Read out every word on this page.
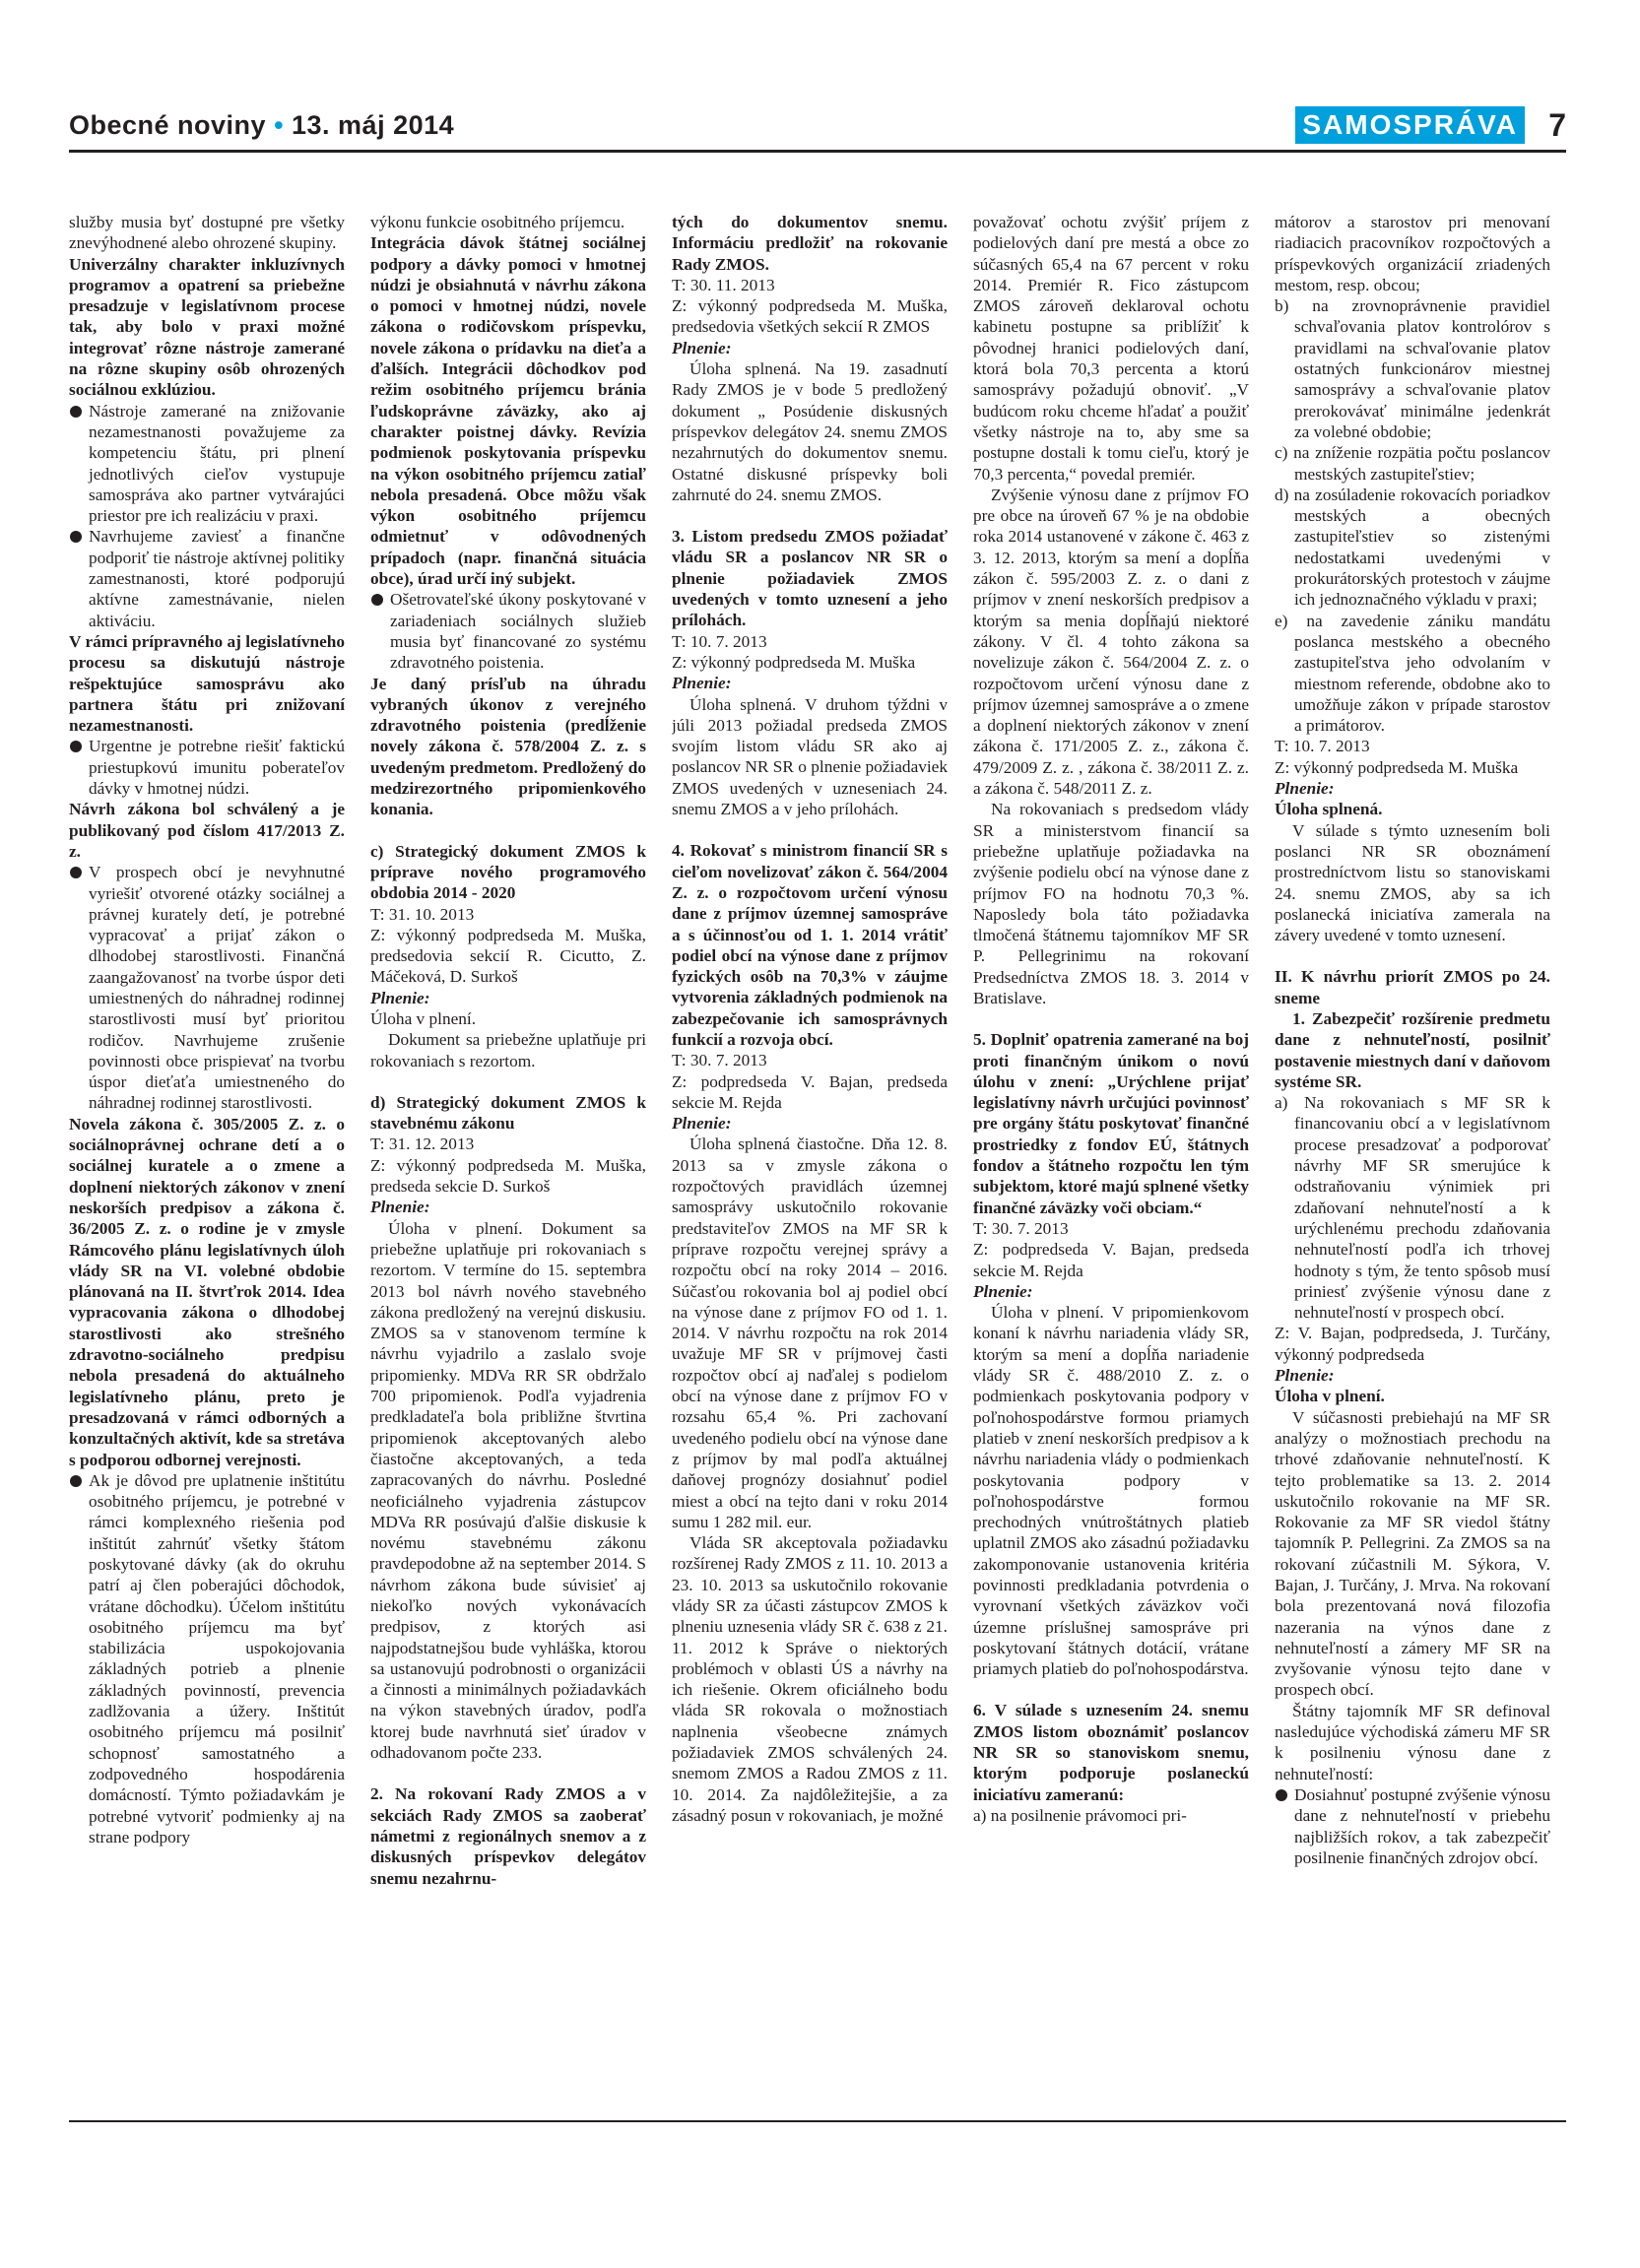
Obecné noviny • 13. máj 2014	SAMOSPRÁVA 7

služby musia byť dostupné pre všetky znevýhodnené alebo ohrozené skupiny.

Univerzálny charakter inkluzívnych programov a opatrení sa priebežne presadzuje v legislatívnom procese tak, aby bolo v praxi možné integrovať rôzne nástroje zamerané na rôzne skupiny osôb ohrozených sociálnou exklúziou.

Nástroje zamerané na znižovanie nezamestnanosti považujeme za kompetenciu štátu, pri plnení jednotlivých cieľov vystupuje samospráva ako partner vytvárajúci priestor pre ich realizáciu v praxi.

Navrhujeme zaviesť a finančne podporiť tie nástroje aktívnej politiky zamestnanosti, ktoré podporujú aktívne zamestnávanie, nielen aktiváciu.

V rámci prípravného aj legislatívneho procesu sa diskutujú nástroje rešpektujúce samosprávu ako partnera štátu pri znižovaní nezamestnanosti.

Urgentne je potrebne riešiť faktickú priestupkovú imunitu poberateľov dávky v hmotnej núdzi.

Návrh zákona bol schválený a je publikovaný pod číslom 417/2013 Z. z.

V prospech obcí je nevyhnutné vyriešiť otvorené otázky sociálnej a právnej kurately detí, je potrebné vypracovať a prijať zákon o dlhodobej starostlivosti. Finančná zaangažovanosť na tvorbe úspor deti umiestnených do náhradnej rodinnej starostlivosti musí byť prioritou rodičov. Navrhujeme zrušenie povinnosti obce prispievať na tvorbu úspor dieťaťa umiestneného do náhradnej rodinnej starostlivosti.

Novela zákona č. 305/2005 Z. z. o sociálnoprávnej ochrane detí a o sociálnej kuratele a o zmene a doplnení niektorých zákonov v znení neskorších predpisov a zákona č. 36/2005 Z. z. o rodine je v zmysle Rámcového plánu legislatívnych úloh vlády SR na VI. volebné obdobie plánovaná na II. štvrťrok 2014. Idea vypracovania zákona o dlhodobej starostlivosti ako strešného zdravotno-sociálneho predpisu nebola presadená do aktuálneho legislatívneho plánu, preto je presadzovaná v rámci odborných a konzultačných aktivít, kde sa stretáva s podporou odbornej verejnosti.

Ak je dôvod pre uplatnenie inštitútu osobitného príjemcu, je potrebné v rámci komplexného riešenia pod inštitút zahrnúť všetky štátom poskytované dávky (ak do okruhu patrí aj člen poberajúci dôchodok, vrátane dôchodku). Účelom inštitútu osobitného príjemcu ma byť stabilizácia uspokojovania základných potrieb a plnenie základných povinností, prevencia zadlžovania a úžery. Inštitút osobitného príjemcu má posilniť schopnosť samostatného a zodpovedného hospodárenia domácností. Týmto požiadavkám je potrebné vytvoriť podmienky aj na strane podpory

výkonu funkcie osobitného príjemcu.

Integrácia dávok štátnej sociálnej podpory a dávky pomoci v hmotnej núdzi je obsiahnutá v návrhu zákona o pomoci v hmotnej núdzi, novele zákona o rodičovskom príspevku, novele zákona o prídavku na dieťa a ďalších. Integrácii dôchodkov pod režim osobitného príjemcu bránia ľudskoprávne záväzky, ako aj charakter poistnej dávky. Revízia podmienok poskytovania príspevku na výkon osobitného príjemcu zatiaľ nebola presadená. Obce môžu však výkon osobitného príjemcu odmietnuť v odôvodnených prípadoch (napr. finančná situácia obce), úrad určí iný subjekt.

Ošetrovateľské úkony poskytované v zariadeniach sociálnych služieb musia byť financované zo systému zdravotného poistenia.

Je daný prísľub na úhradu vybraných úkonov z verejného zdravotného poistenia (predĺženie novely zákona č. 578/2004 Z. z. s uvedeným predmetom. Predložený do medzirezortného pripomienkového konania.

c) Strategický dokument ZMOS k príprave nového programového obdobia 2014 - 2020

T: 31. 10. 2013

Z: výkonný podpredseda M. Muška, predsedovia sekcií R. Cicutto, Z. Máčeková, D. Surkoš

Plnenie:

Úloha v plnení.

Dokument sa priebežne uplatňuje pri rokovaniach s rezortom.

d) Strategický dokument ZMOS k stavebnému zákonu

T: 31. 12. 2013

Z: výkonný podpredseda M. Muška, predseda sekcie D. Surkoš

Plnenie:

Úloha v plnení. Dokument sa priebežne uplatňuje pri rokovaniach s rezortom. V termíne do 15. septembra 2013 bol návrh nového stavebného zákona predložený na verejnú diskusiu. ZMOS sa v stanovenom termíne k návrhu vyjadrilo a zaslalo svoje pripomienky. MDVa RR SR obdržalo 700 pripomienok. Podľa vyjadrenia predkladateľa bola približne štvrtina pripomienok akceptovaných alebo čiastočne akceptovaných, a teda zapracovaných do návrhu. Posledné neoficiálneho vyjadrenia zástupcov MDVa RR posúvajú ďalšie diskusie k novému stavebnému zákonu pravdepodobne až na september 2014. S návrhom zákona bude súvisieť aj niekoľko nových vykonávacích predpisov, z ktorých asi najpodstatnejšou bude vyhláška, ktorou sa ustanovujú podrobnosti o organizácii a činnosti a minimálnych požiadavkách na výkon stavebných úradov, podľa ktorej bude navrhnutá sieť úradov v odhadovanom počte 233.

2. Na rokovaní Rady ZMOS a v sekciách Rady ZMOS sa zaoberať námetmi z regionálnych snemov a z diskusných príspevkov delegátov snemu nezahrnu-

tých do dokumentov snemu. Informáciu predložiť na rokovanie Rady ZMOS.

T: 30. 11. 2013

Z: výkonný podpredseda M. Muška, predsedovia všetkých sekcií R ZMOS

Plnenie:

Úloha splnená. Na 19. zasadnutí Rady ZMOS je v bode 5 predložený dokument „ Posúdenie diskusných príspevkov delegátov 24. snemu ZMOS nezahrnutých do dokumentov snemu. Ostatné diskusné príspevky boli zahrnuté do 24. snemu ZMOS.

3. Listom predsedu ZMOS požiadať vládu SR a poslancov NR SR o plnenie požiadaviek ZMOS uvedených v tomto uznesení a jeho prílohách.

T: 10. 7. 2013

Z: výkonný podpredseda M. Muška

Plnenie:

Úloha splnená. V druhom týždni v júli 2013 požiadal predseda ZMOS svojím listom vládu SR ako aj poslancov NR SR o plnenie požiadaviek ZMOS uvedených v uzneseniach 24. snemu ZMOS a v jeho prílohách.

4. Rokovať s ministrom financií SR s cieľom novelizovať zákon č. 564/2004 Z. z. o rozpočtovom určení výnosu dane z príjmov územnej samospráve a s účinnosťou od 1. 1. 2014 vrátiť podiel obcí na výnose dane z príjmov fyzických osôb na 70,3% v záujme vytvorenia základných podmienok na zabezpečovanie ich samosprávnych funkcií a rozvoja obcí.

T: 30. 7. 2013

Z: podpredseda V. Bajan, predseda sekcie M. Rejda

Plnenie:

Úloha splnená čiastočne. Dňa 12. 8. 2013 sa v zmysle zákona o rozpočtových pravidlách územnej samosprávy uskutočnilo rokovanie predstaviteľov ZMOS na MF SR k príprave rozpočtu verejnej správy a rozpočtu obcí na roky 2014 – 2016. Súčasťou rokovania bol aj podiel obcí na výnose dane z príjmov FO od 1. 1. 2014. V návrhu rozpočtu na rok 2014 uvažuje MF SR v príjmovej časti rozpočtov obcí aj naďalej s podielom obcí na výnose dane z príjmov FO v rozsahu 65,4 %. Pri zachovaní uvedeného podielu obcí na výnose dane z príjmov by mal podľa aktuálnej daňovej prognózy dosiahnuť podiel miest a obcí na tejto dani v roku 2014 sumu 1 282 mil. eur.

Vláda SR akceptovala požiadavku rozšírenej Rady ZMOS z 11. 10. 2013 a 23. 10. 2013 sa uskutočnilo rokovanie vlády SR za účasti zástupcov ZMOS k plneniu uznesenia vlády SR č. 638 z 21. 11. 2012 k Správe o niektorých problémoch v oblasti ÚS a návrhy na ich riešenie. Okrem oficiálneho bodu vláda SR rokovala o možnostiach naplnenia všeobecne známych požiadaviek ZMOS schválených 24. snemom ZMOS a Radou ZMOS z 11. 10. 2014. Za najdôležitejšie, a za zásadný posun v rokovaniach, je možné

považovať ochotu zvýšiť príjem z podielových daní pre mestá a obce zo súčasných 65,4 na 67 percent v roku 2014. Premiér R. Fico zástupcom ZMOS zároveň deklaroval ochotu kabinetu postupne sa priblížiť k pôvodnej hranici podielových daní, ktorá bola 70,3 percenta a ktorú samosprávy požadujú obnoviť. „V budúcom roku chceme hľadať a použiť všetky nástroje na to, aby sme sa postupne dostali k tomu cieľu, ktorý je 70,3 percenta,“ povedal premiér.

Zvýšenie výnosu dane z príjmov FO pre obce na úroveň 67 % je na obdobie roka 2014 ustanovené v zákone č. 463 z 3. 12. 2013, ktorým sa mení a dopĺňa zákon č. 595/2003 Z. z. o dani z príjmov v znení neskorších predpisov a ktorým sa menia dopĺňajú niektoré zákony. V čl. 4 tohto zákona sa novelizuje zákon č. 564/2004 Z. z. o rozpočtovom určení výnosu dane z príjmov územnej samospráve a o zmene a doplnení niektorých zákonov v znení zákona č. 171/2005 Z. z., zákona č. 479/2009 Z. z. , zákona č. 38/2011 Z. z. a zákona č. 548/2011 Z. z.

Na rokovaniach s predsedom vlády SR a ministerstvom financií sa priebežne uplatňuje požiadavka na zvýšenie podielu obcí na výnose dane z príjmov FO na hodnotu 70,3 %. Naposledy bola táto požiadavka tlmočená štátnemu tajomníkov MF SR P. Pellegrinimu na rokovaní Predsedníctva ZMOS 18. 3. 2014 v Bratislave.

5. Doplniť opatrenia zamerané na boj proti finančným únikom o novú úlohu v znení: „Urýchlene prijať legislatívny návrh určujúci povinnosť pre orgány štátu poskytovať finančné prostriedky z fondov EÚ, štátnych fondov a štátneho rozpočtu len tým subjektom, ktoré majú splnené všetky finančné záväzky voči obciam.“

T: 30. 7. 2013

Z: podpredseda V. Bajan, predseda sekcie M. Rejda

Plnenie:

Úloha v plnení. V pripomienkovom konaní k návrhu nariadenia vlády SR, ktorým sa mení a dopĺňa nariadenie vlády SR č. 488/2010 Z. z. o podmienkach poskytovania podpory v poľnohospodárstve formou priamych platieb v znení neskorších predpisov a k návrhu nariadenia vlády o podmienkach poskytovania podpory v poľnohospodárstve formou prechodných vnútroštátnych platieb uplatnil ZMOS ako zásadnú požiadavku zakomponovanie ustanovenia kritéria povinnosti predkladania potvrdenia o vyrovnaní všetkých záväzkov voči územne príslušnej samospráve pri poskytovaní štátnych dotácií, vrátane priamych platieb do poľnohospodárstva.

6. V súlade s uznesením 24. snemu ZMOS listom oboznámiť poslancov NR SR so stanoviskom snemu, ktorým podporuje poslaneckú iniciatívu zameranú:

a) na posilnenie právomoci pri-

mátorov a starostov pri menovaní riadiacich pracovníkov rozpočtových a príspevkových organizácií zriadených mestom, resp. obcou;

b) na zrovnoprávnenie pravidiel schvaľovania platov kontrolórov s pravidlami na schvaľovanie platov ostatných funkcionárov miestnej samosprávy a schvaľovanie platov prerokovávať minimálne jedenkrát za volebné obdobie;

c) na zníženie rozpätia počtu poslancov mestských zastupiteľstiev;

d) na zosúladenie rokovacích poriadkov mestských a obecných zastupiteľstiev so zistenými nedostatkami uvedenými v prokurátorských protestoch v záujme ich jednoznačného výkladu v praxi;

e) na zavedenie zániku mandátu poslanca mestského a obecného zastupiteľstva jeho odvolaním v miestnom referende, obdobne ako to umožňuje zákon v prípade starostov a primátorov.

T: 10. 7. 2013

Z: výkonný podpredseda M. Muška

Plnenie:

Úloha splnená.

V súlade s týmto uznesením boli poslanci NR SR oboznámení prostredníctvom listu so stanoviskami 24. snemu ZMOS, aby sa ich poslanecká iniciatíva zamerala na závery uvedené v tomto uznesení.

II. K návrhu priorít ZMOS po 24. sneme

1. Zabezpečiť rozšírenie predmetu dane z nehnuteľností, posilniť postavenie miestnych daní v daňovom systéme SR.

a) Na rokovaniach s MF SR k financovaniu obcí a v legislatívnom procese presadzovať a podporovať návrhy MF SR smerujúce k odstraňovaniu výnimiek pri zdaňovaní nehnuteľností a k urýchlenému prechodu zdaňovania nehnuteľností podľa ich trhovej hodnoty s tým, že tento spôsob musí priniesť zvýšenie výnosu dane z nehnuteľností v prospech obcí.

Z: V. Bajan, podpredseda, J. Turčány, výkonný podpredseda

Plnenie:

Úloha v plnení.

V súčasnosti prebiehajú na MF SR analýzy o možnostiach prechodu na trhové zdaňovanie nehnuteľností. K tejto problematike sa 13. 2. 2014 uskutočnilo rokovanie na MF SR. Rokovanie za MF SR viedol štátny tajomník P. Pellegrini. Za ZMOS sa na rokovaní zúčastnili M. Sýkora, V. Bajan, J. Turčány, J. Mrva. Na rokovaní bola prezentovaná nová filozofia nazerania na výnos dane z nehnuteľností a zámery MF SR na zvyšovanie výnosu tejto dane v prospech obcí.

Štátny tajomník MF SR definoval nasledujúce východiská zámeru MF SR k posilneniu výnosu dane z nehnuteľností:

Dosiahnuť postupné zvýšenie výnosu dane z nehnuteľností v priebehu najbližších rokov, a tak zabezpečiť posilnenie finančných zdrojov obcí.
